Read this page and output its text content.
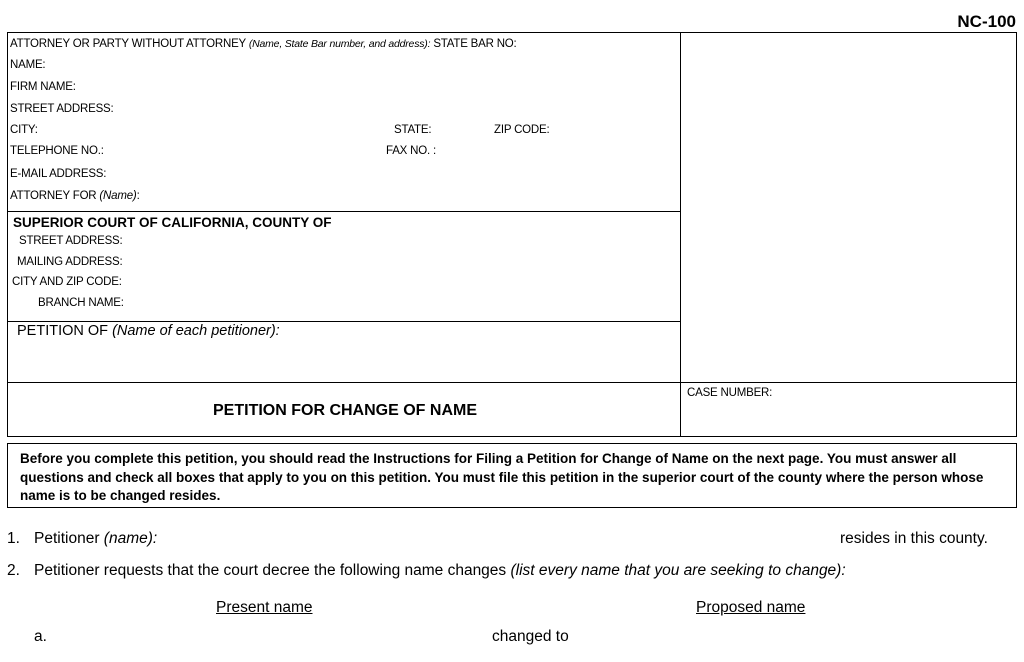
NC-100
ATTORNEY OR PARTY WITHOUT ATTORNEY (Name, State Bar number, and address): STATE BAR NO:
NAME:
FIRM NAME:
STREET ADDRESS:
CITY:	STATE:	ZIP CODE:
TELEPHONE NO.:	FAX NO. :
E-MAIL ADDRESS:
ATTORNEY FOR (Name):
SUPERIOR COURT OF CALIFORNIA, COUNTY OF
STREET ADDRESS:
MAILING ADDRESS:
CITY AND ZIP CODE:
BRANCH NAME:
PETITION OF (Name of each petitioner):
PETITION FOR CHANGE OF NAME
CASE NUMBER:
Before you complete this petition, you should read the Instructions for Filing a Petition for Change of Name on the next page. You must answer all questions and check all boxes that apply to you on this petition. You must file this petition in the superior court of the county where the person whose name is to be changed resides.
1. Petitioner (name):	resides in this county.
2. Petitioner requests that the court decree the following name changes (list every name that you are seeking to change):
Present name	Proposed name
a.	changed to
